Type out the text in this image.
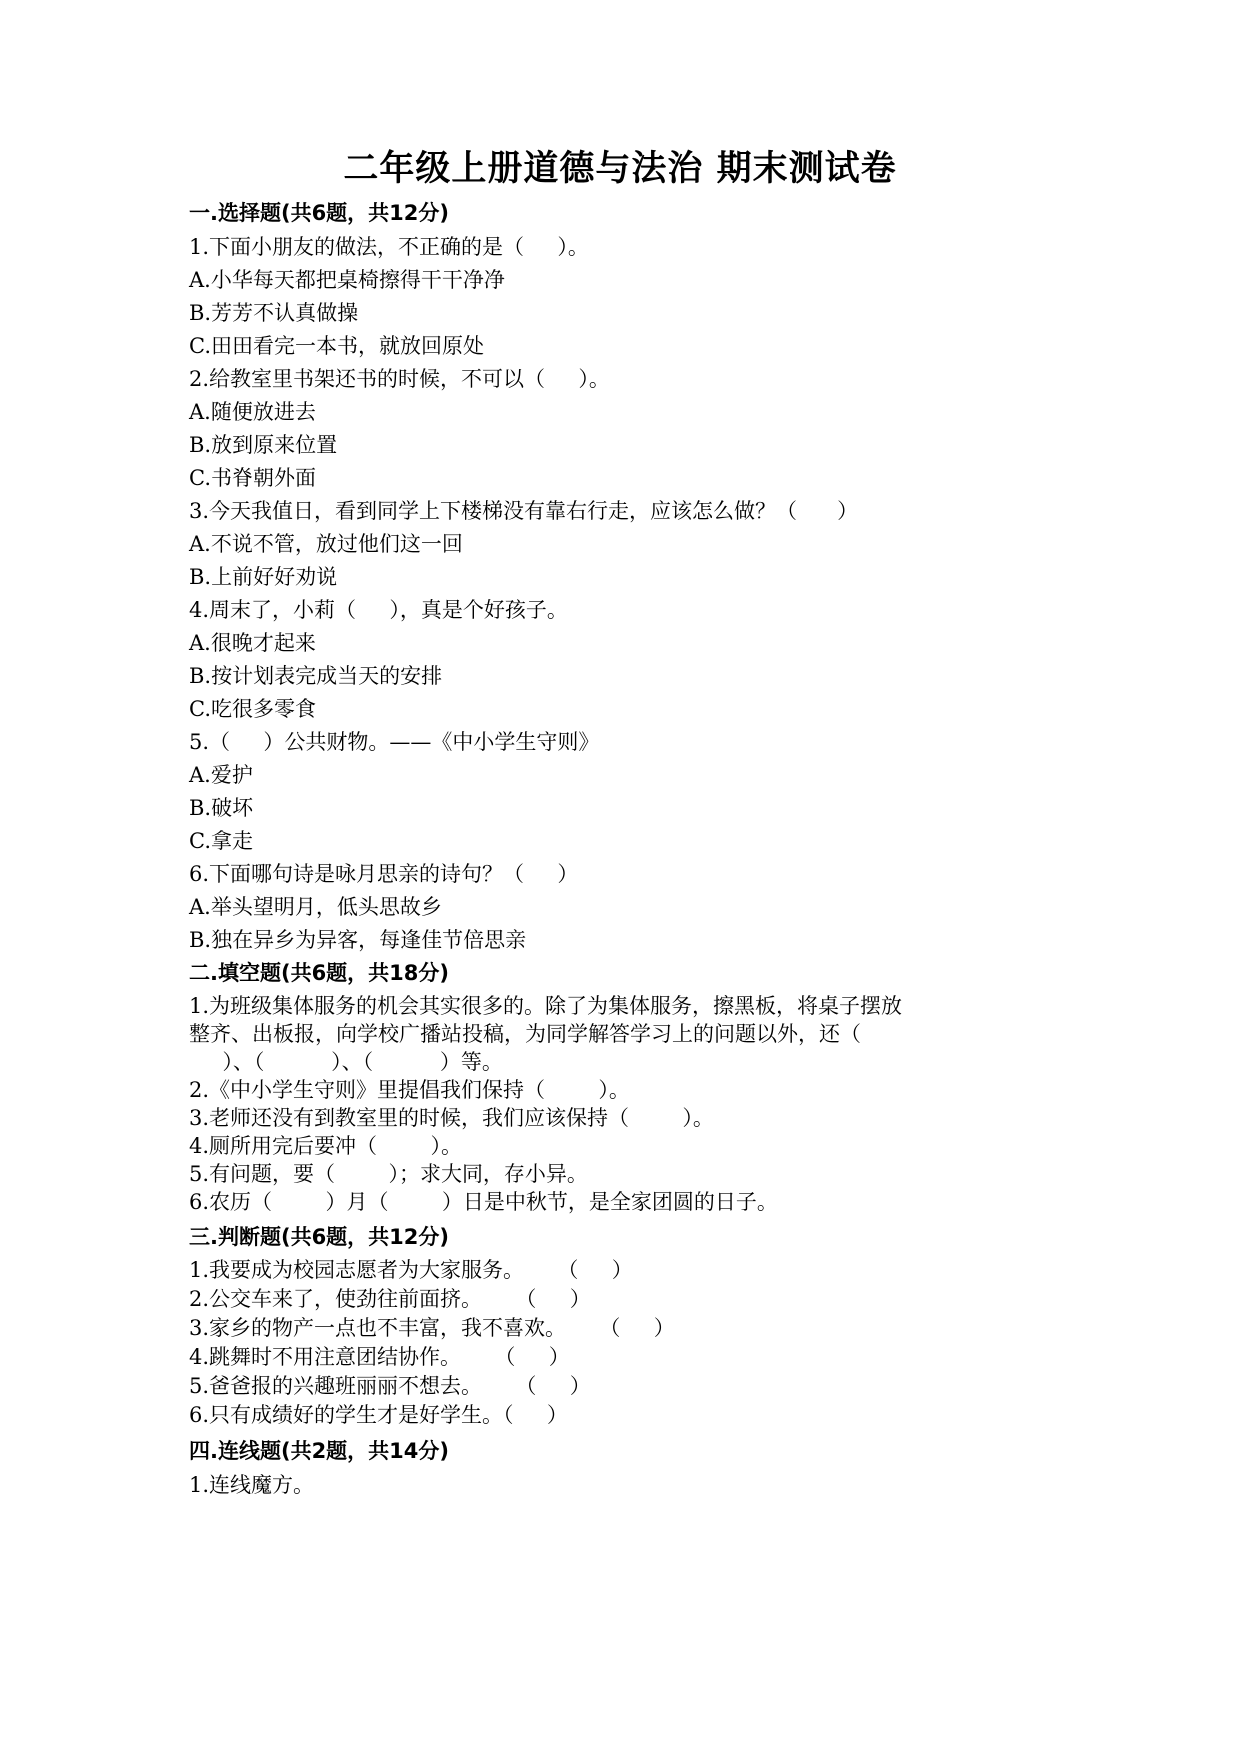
二年级上册道德与法治 期末测试卷
一.选择题(共6题，共12分)
1.下面小朋友的做法，不正确的是（     ）。
A.小华每天都把桌椅擦得干干净净
B.芳芳不认真做操
C.田田看完一本书，就放回原处
2.给教室里书架还书的时候，不可以（     ）。
A.随便放进去
B.放到原来位置
C.书脊朝外面
3.今天我值日，看到同学上下楼梯没有靠右行走，应该怎么做？（      ）
A.不说不管，放过他们这一回
B.上前好好劝说
4.周末了，小莉（     ），真是个好孩子。
A.很晚才起来
B.按计划表完成当天的安排
C.吃很多零食
5.（     ）公共财物。——《中小学生守则》
A.爱护
B.破坏
C.拿走
6.下面哪句诗是咏月思亲的诗句？（     ）
A.举头望明月，低头思故乡
B.独在异乡为异客，每逢佳节倍思亲
二.填空题(共6题，共18分)
1.为班级集体服务的机会其实很多的。除了为集体服务，擦黑板，将桌子摆放
整齐、出板报，向学校广播站投稿，为同学解答学习上的问题以外，还（
）、（          ）、（          ）等。
2.《中小学生守则》里提倡我们保持（        ）。
3.老师还没有到教室里的时候，我们应该保持（        ）。
4.厕所用完后要冲（        ）。
5.有问题，要（        ）；求大同，存小异。
6.农历（        ）月（        ）日是中秋节，是全家团圆的日子。
三.判断题(共6题，共12分)
1.我要成为校园志愿者为大家服务。     （     ）
2.公交车来了，使劲往前面挤。     （     ）
3.家乡的物产一点也不丰富，我不喜欢。     （     ）
4.跳舞时不用注意团结协作。     （     ）
5.爸爸报的兴趣班丽丽不想去。     （     ）
6.只有成绩好的学生才是好学生。（     ）
四.连线题(共2题，共14分)
1.连线魔方。
